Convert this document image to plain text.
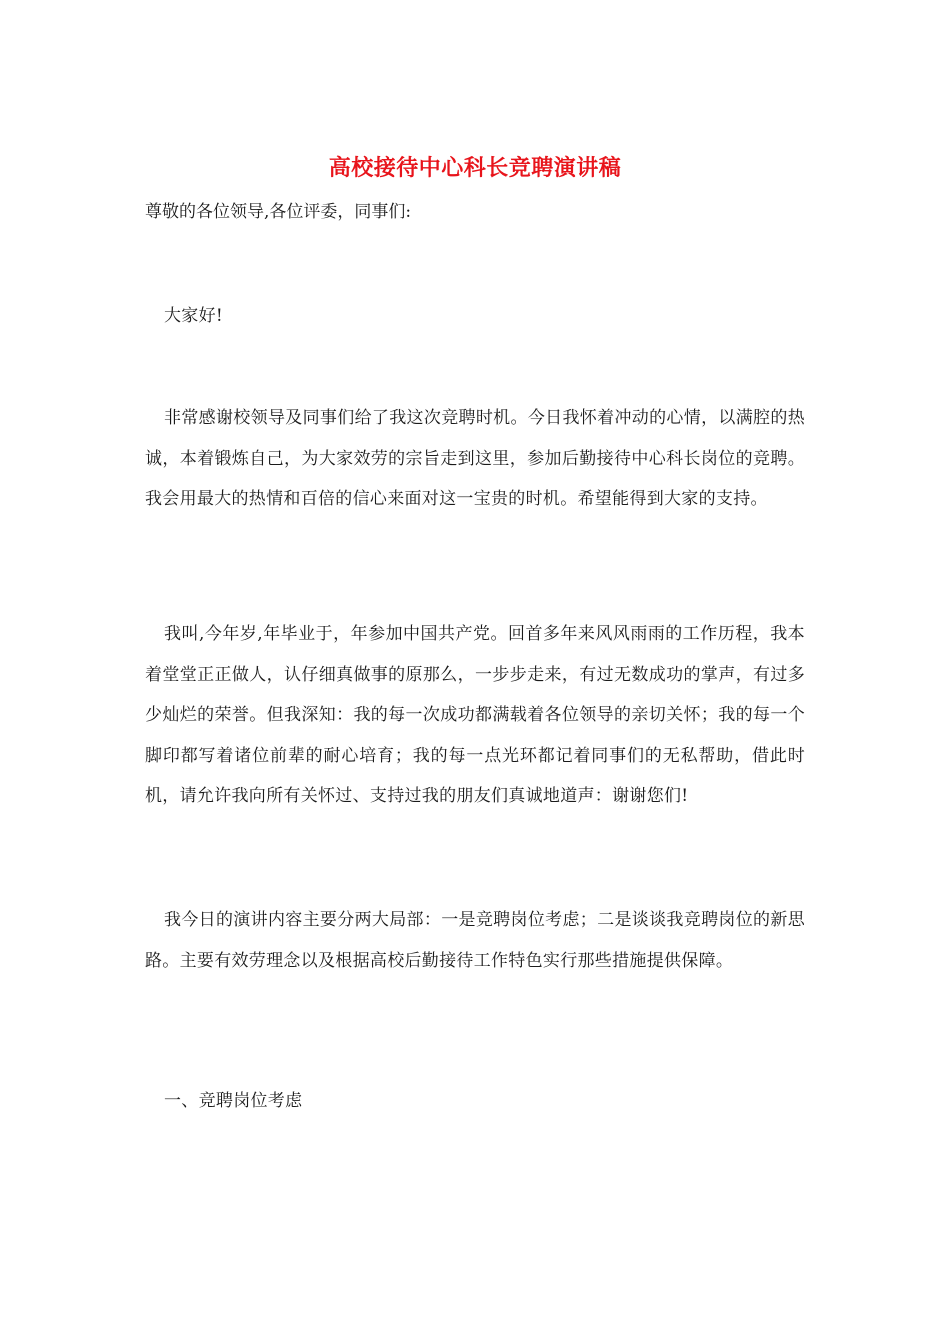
高校接待中心科长竞聘演讲稿
尊敬的各位领导,各位评委，同事们:
大家好!
非常感谢校领导及同事们给了我这次竞聘时机。今日我怀着冲动的心情，以满腔的热诚，本着锻炼自己，为大家效劳的宗旨走到这里，参加后勤接待中心科长岗位的竞聘。我会用最大的热情和百倍的信心来面对这一宝贵的时机。希望能得到大家的支持。
我叫,今年岁,年毕业于，年参加中国共产党。回首多年来风风雨雨的工作历程，我本着堂堂正正做人，认仔细真做事的原那么，一步步走来，有过无数成功的掌声，有过多少灿烂的荣誉。但我深知：我的每一次成功都满载着各位领导的亲切关怀；我的每一个脚印都写着诸位前辈的耐心培育；我的每一点光环都记着同事们的无私帮助，借此时机，请允许我向所有关怀过、支持过我的朋友们真诚地道声：谢谢您们!
我今日的演讲内容主要分两大局部：一是竞聘岗位考虑；二是谈谈我竞聘岗位的新思路。主要有效劳理念以及根据高校后勤接待工作特色实行那些措施提供保障。
一、竞聘岗位考虑
